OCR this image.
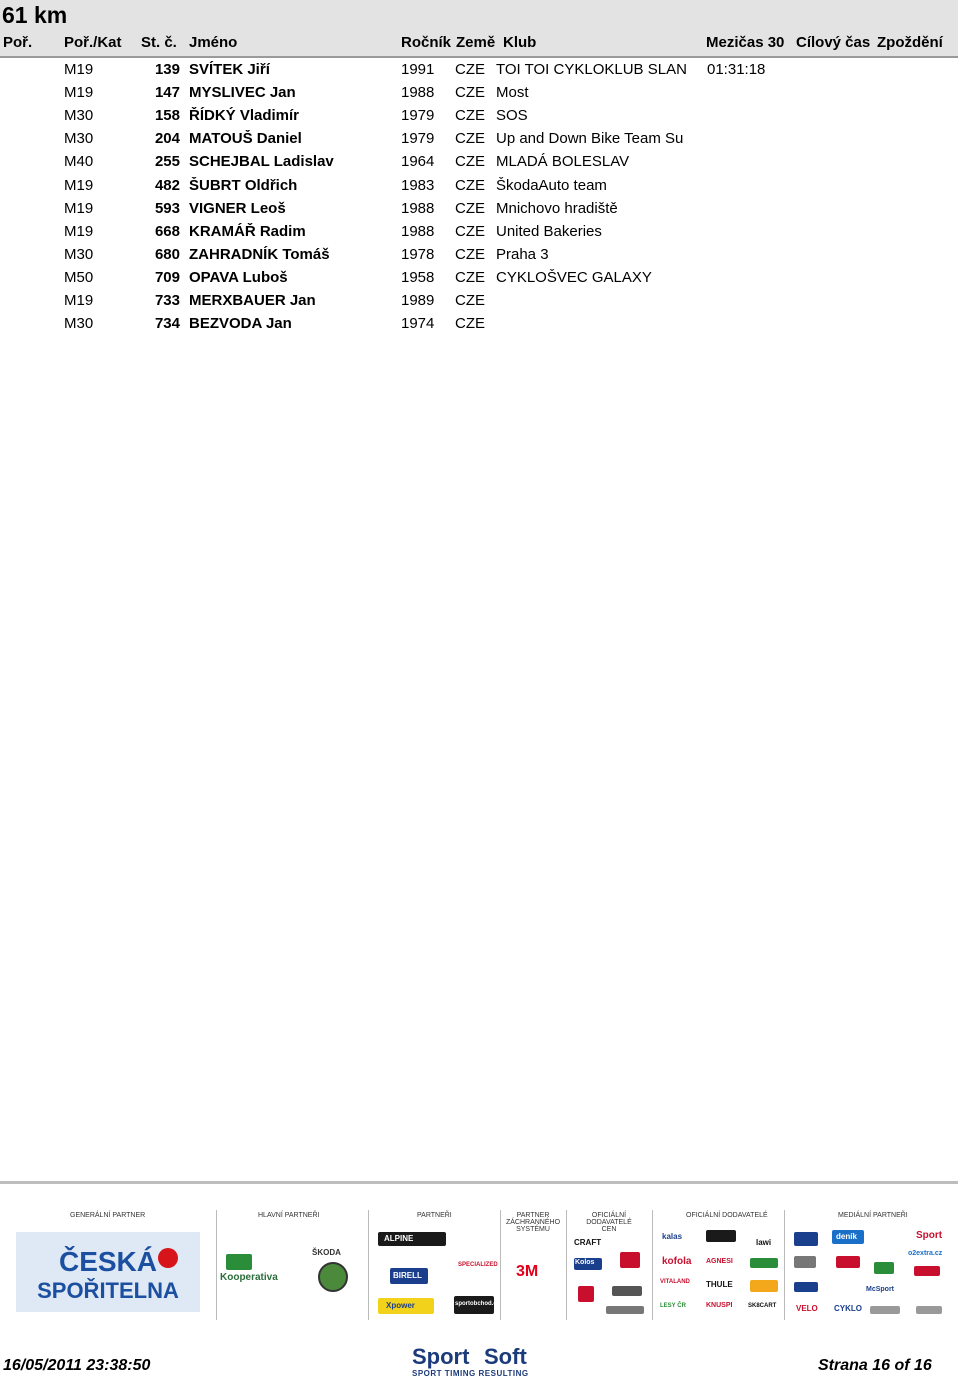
61 km
Poř. Poř./Kat St. č. Jméno	Ročník Země Klub	Mezičas 30 Cílový čas Zpoždění
M19	139 SVÍTEK Jiří	1991 CZE TOI TOI CYKLOKLUB SLAN 01:31:18
M19	147 MYSLIVEC Jan	1988 CZE Most
M30	158 ŘÍDKÝ Vladimír	1979 CZE SOS
M30	204 MATOUŠ Daniel	1979 CZE Up and Down Bike Team Su
M40	255 SCHEJBAL Ladislav	1964 CZE MLADÁ BOLESLAV
M19	482 ŠUBRT Oldřich	1983 CZE ŠkodaAuto team
M19	593 VIGNER Leoš	1988 CZE Mnichovo hradiště
M19	668 KRAMÁŘ Radim	1988 CZE United Bakeries
M30	680 ZAHRADNÍK Tomáš	1978 CZE Praha 3
M50	709 OPAVA Luboš	1958 CZE CYKLOŠVEC GALAXY
M19	733 MERXBAUER Jan	1989 CZE
M30	734 BEZVODA Jan	1974 CZE
GENERÁLNÍ PARTNER	HLAVNÍ PARTNEŘI	PARTNEŘI	PARTNER ZÁCHRANNÉHO SYSTÉMU
OFICIÁLNÍ DODAVATELÉ CEN
OFICIÁLNÍ DODAVATELÉ	MEDIÁLNÍ PARTNEŘI
ČESKÁ
SPOŘITELNA
Kooperativa
ŠKODA
ALPINE
BIRELL
Xpower
SPECIALIZED
sportobchod.cz
3M
CRAFT
Kolos
kalas
kofola
VITALAND
LESY ČR
AGNESI
THULE
KNUSPI
lawi
SK8CART
deník	Sport
o2extra.cz
McSport
VELO CYKLO
16/05/2011 23:38:50	Sport Soft
SPORT TIMING RESULTING	Strana 16 of 16
